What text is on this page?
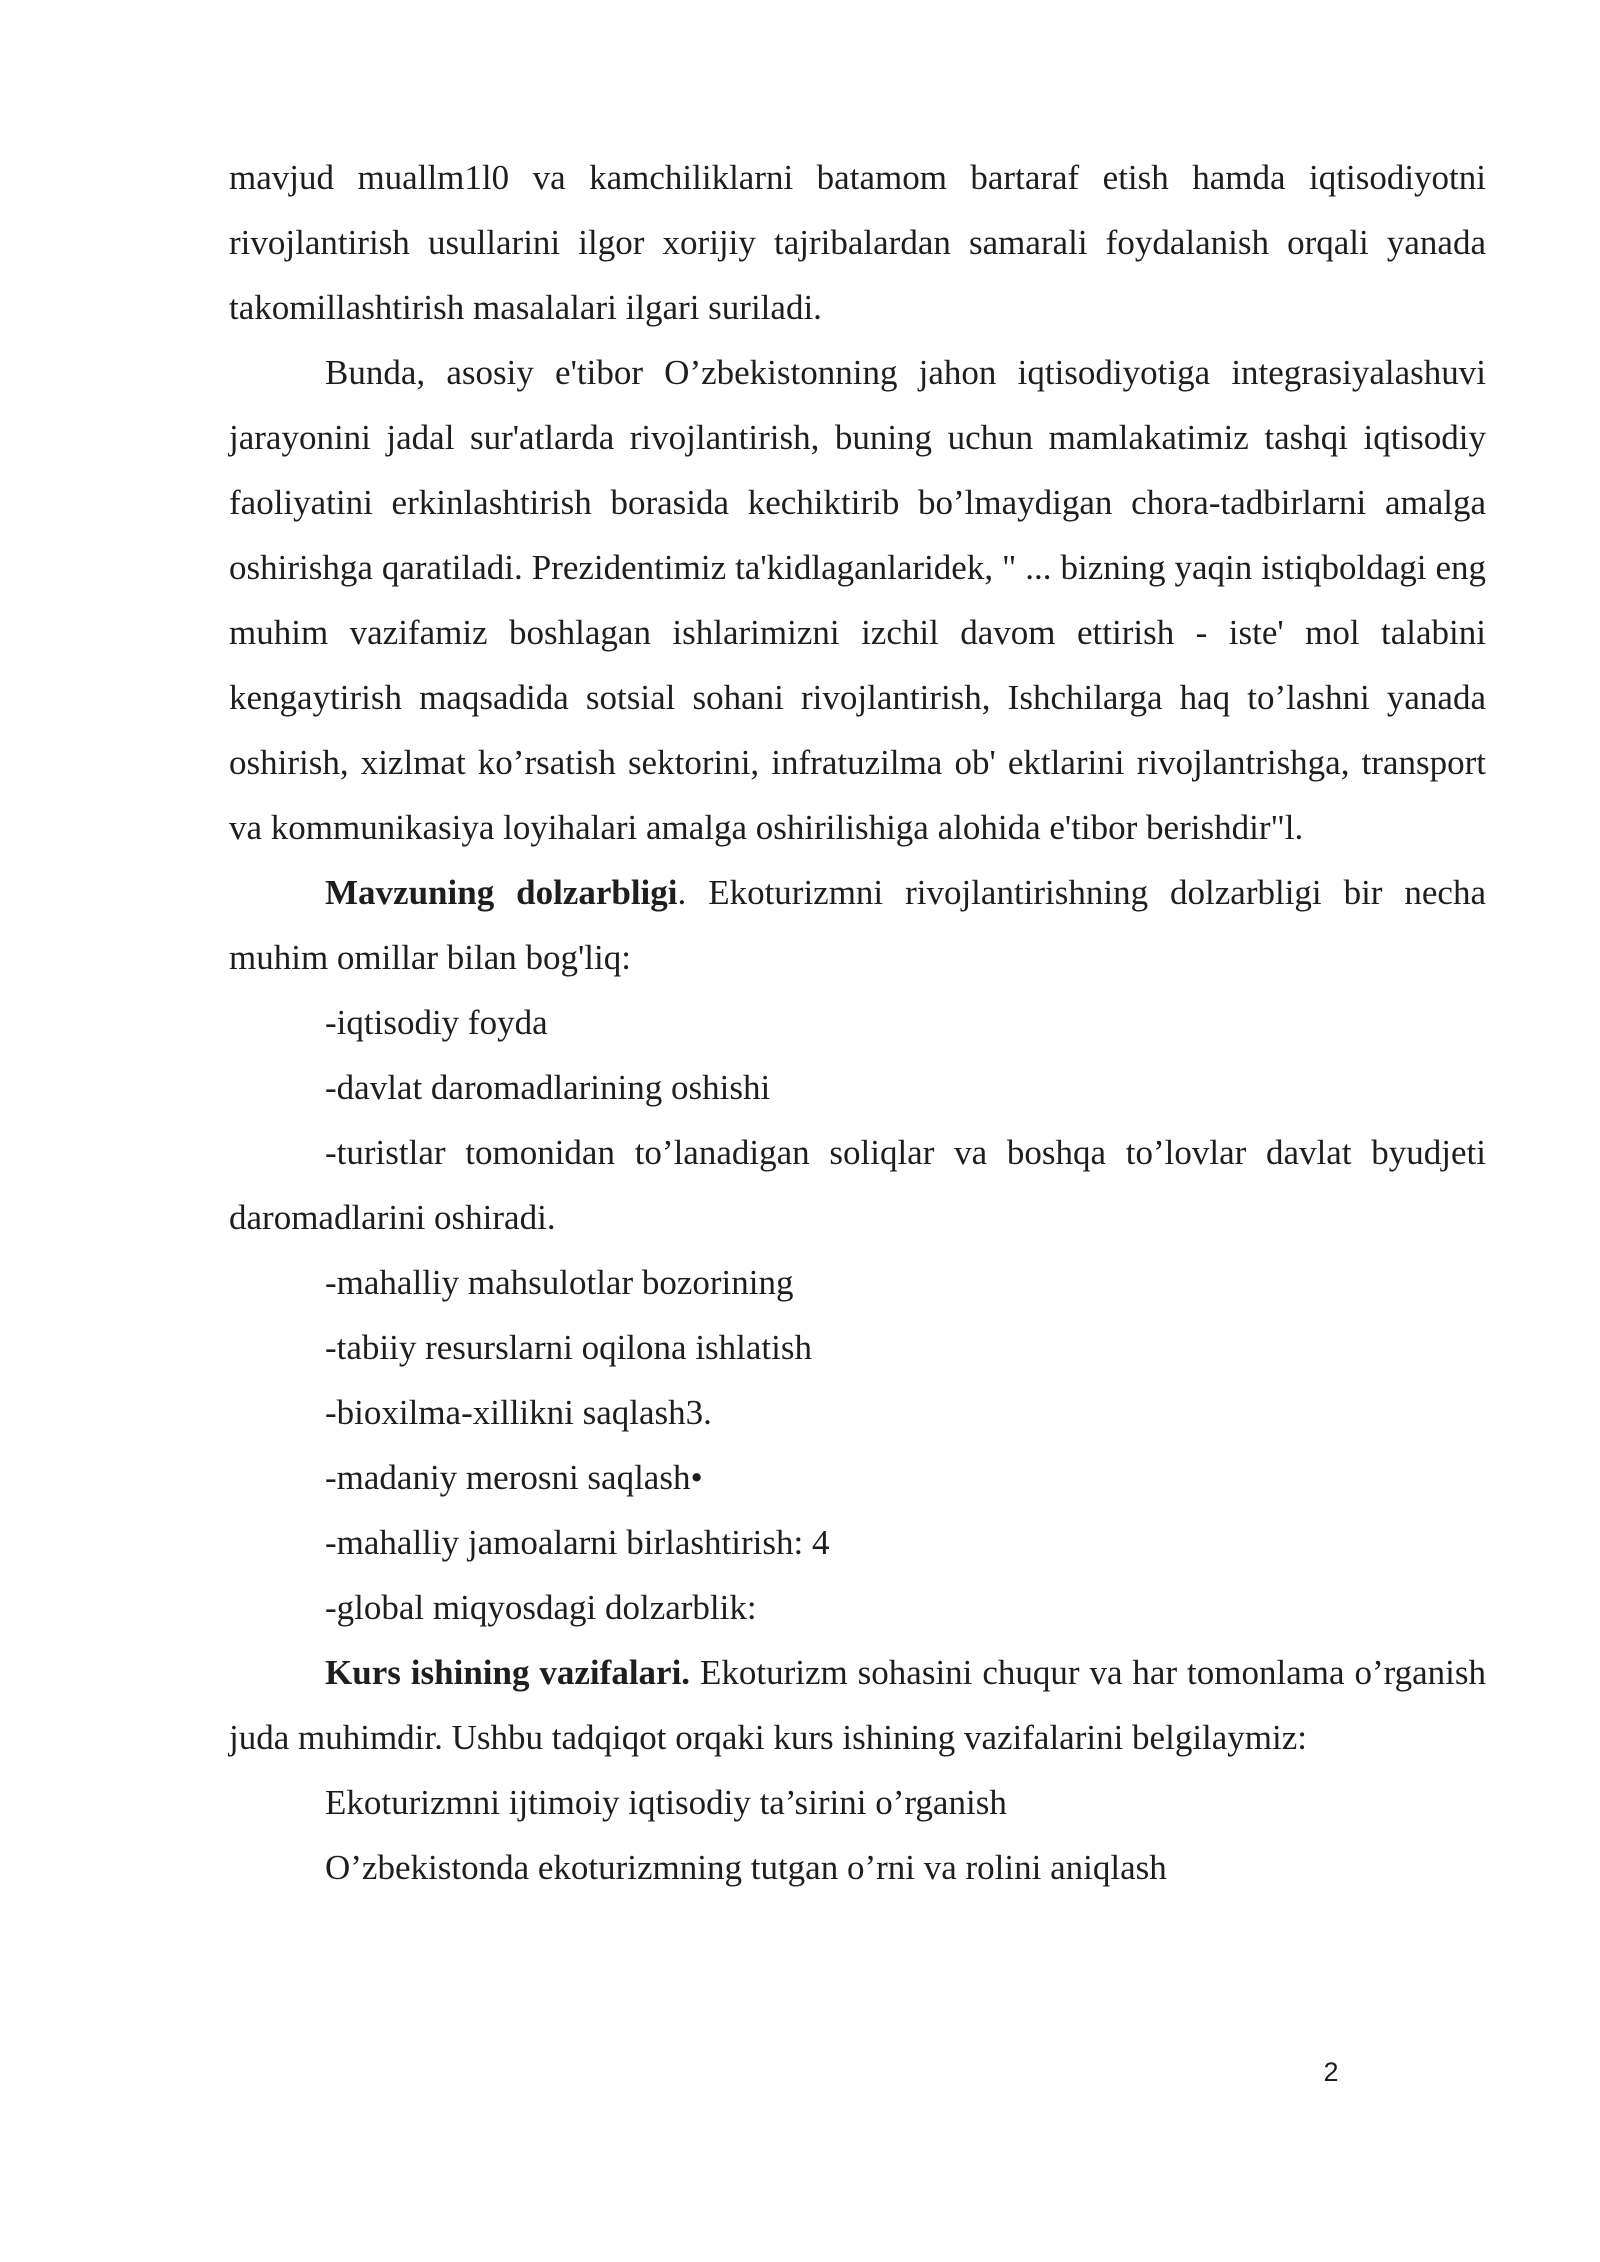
mavjud muallm1l0 va kamchiliklarni batamom bartaraf etish hamda iqtisodiyotni rivojlantirish usullarini ilgor xorijiy tajribalardan samarali foydalanish orqali yanada takomillashtirish masalalari ilgari suriladi.

Bunda, asosiy e'tibor O’zbekistonning jahon iqtisodiyotiga integrasiyalashuvi jarayonini jadal sur'atlarda rivojlantirish, buning uchun mamlakatimiz tashqi iqtisodiy faoliyatini erkinlashtirish borasida kechiktirib bo’lmaydigan chora-tadbirlarni amalga oshirishga qaratiladi. Prezidentimiz ta'kidlaganlaridek, " ... bizning yaqin istiqboldagi eng muhim vazifamiz boshlagan ishlarimizni izchil davom ettirish - iste' mol talabini kengaytirish maqsadida sotsial sohani rivojlantirish, Ishchilarga haq to’lashni yanada oshirish, xizlmat ko’rsatish sektorini, infratuzilma ob' ektlarini rivojlantrishga, transport va kommunikasiya loyihalari amalga oshirilishiga alohida e'tibor berishdir"l.

Mavzuning dolzarbligi. Ekoturizmni rivojlantirishning dolzarbligi bir necha muhim omillar bilan bog'liq:

-iqtisodiy foyda

-davlat daromadlarining oshishi

-turistlar tomonidan to’lanadigan soliqlar va boshqa to’lovlar davlat byudjeti daromadlarini oshiradi.

-mahalliy mahsulotlar bozorining

-tabiiy resurslarni oqilona ishlatish

-bioxilma-xillikni saqlash3.

-madaniy merosni saqlash•

-mahalliy jamoalarni birlashtirish: 4

-global miqyosdagi dolzarblik:

Kurs ishining vazifalari. Ekoturizm sohasini chuqur va har tomonlama o’rganish juda muhimdir. Ushbu tadqiqot orqaki kurs ishining vazifalarini belgilaymiz:

Ekoturizmni ijtimoiy iqtisodiy ta’sirini o’rganish

O’zbekistonda ekoturizmning tutgan o’rni va rolini aniqlash

2
